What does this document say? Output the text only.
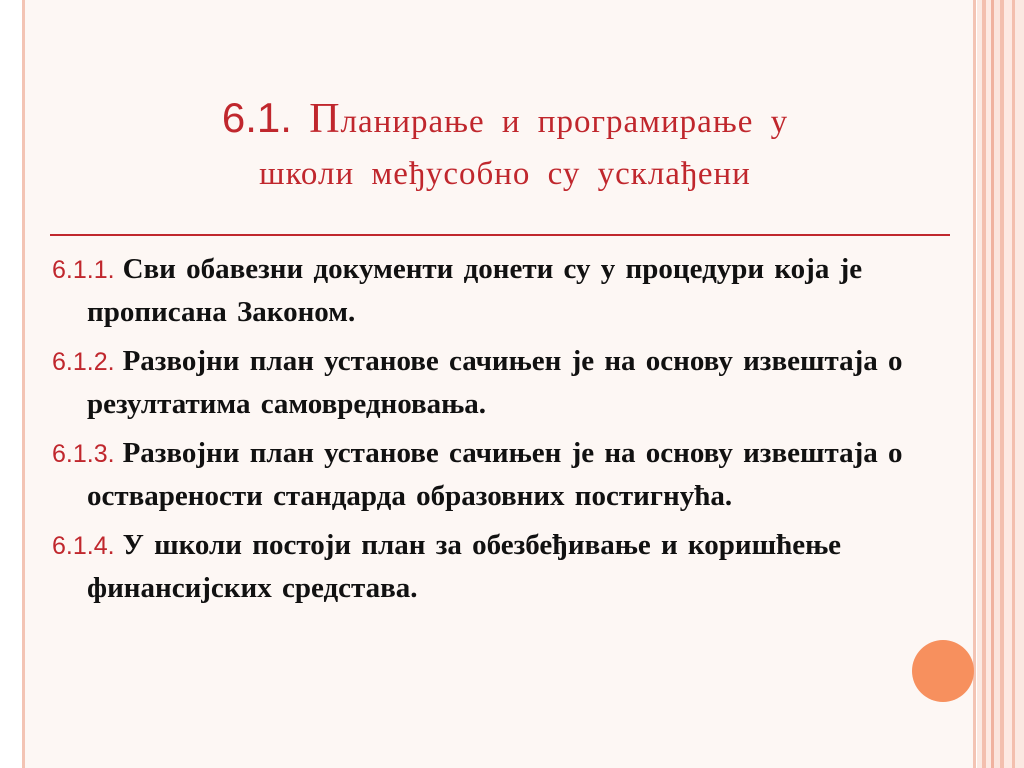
6.1. Планирање и програмирање у
школи међусобно су усклађени
6.1.1. Сви обавезни документи донети су у процедури која је прописана Законом.
6.1.2. Развојни план установе сачињен је на основу извештаја о резултатима самовредновања.
6.1.3. Развојни план установе сачињен је на основу извештаја о остварености стандарда образовних постигнућа.
6.1.4. У школи постоји план за обезбеђивање и коришћење финансијских средстава.
